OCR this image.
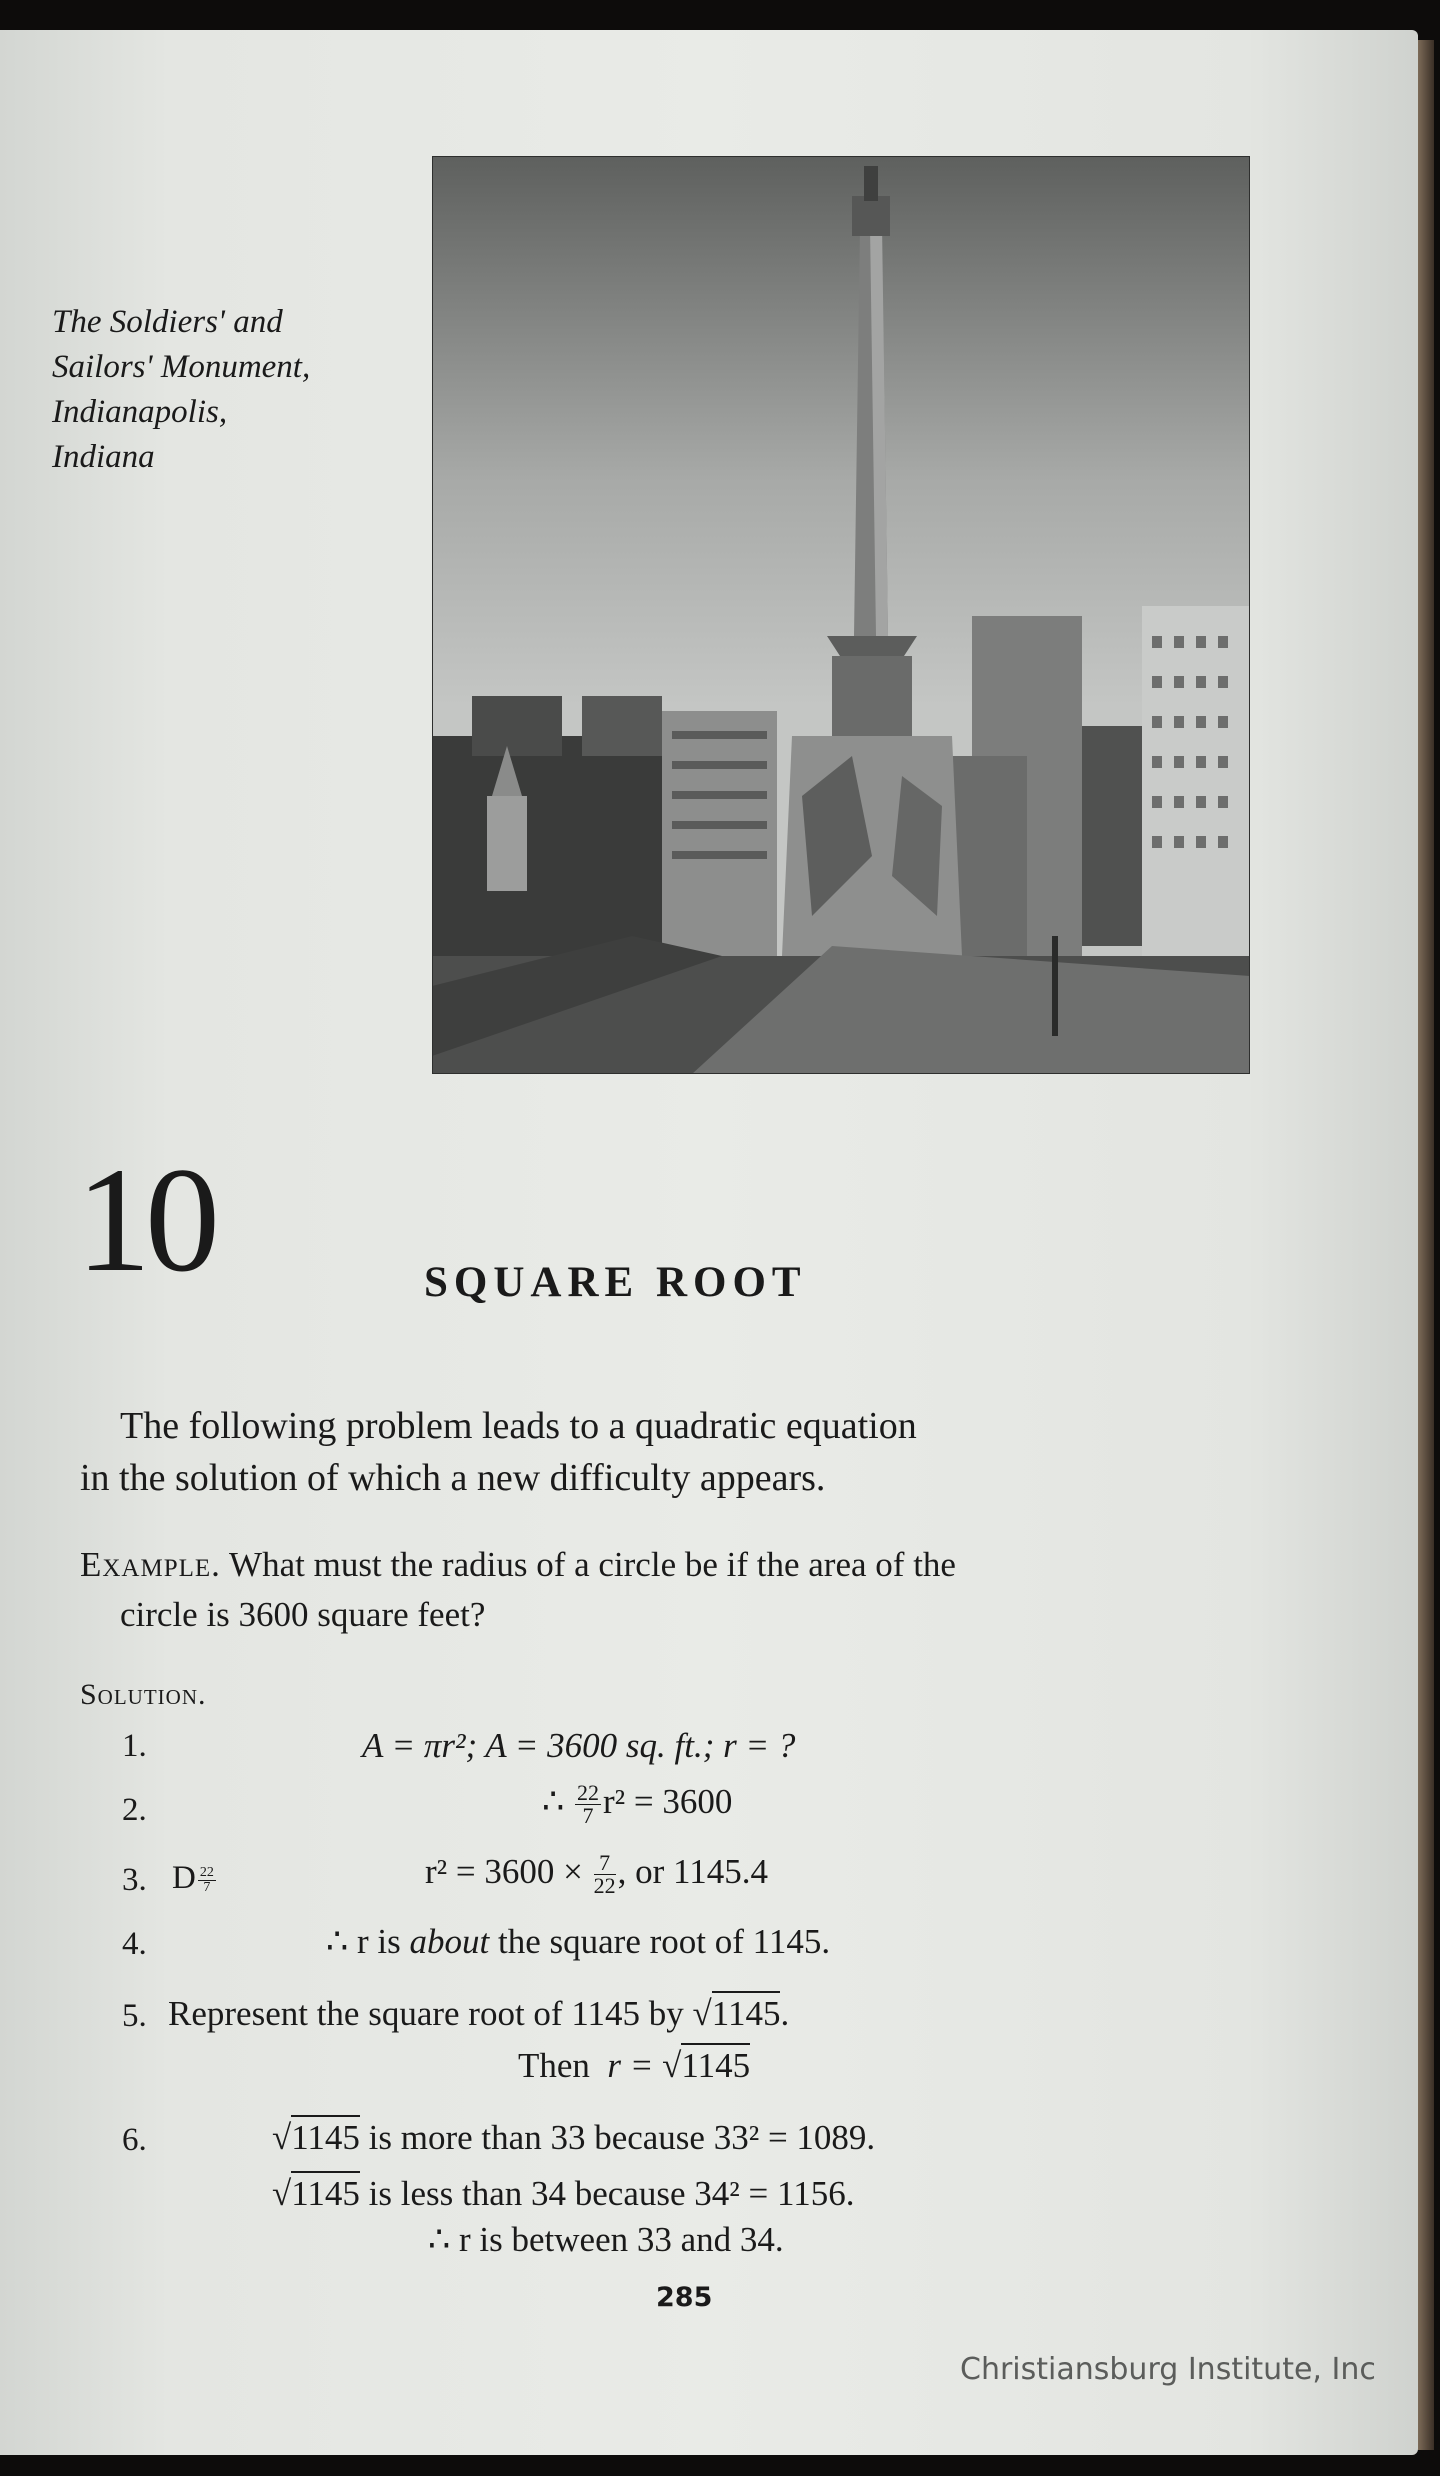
The Soldiers' and
Sailors' Monument,
Indianapolis,
Indiana
10	SQUARE ROOT
The following problem leads to a quadratic equation
in the solution of which a new difficulty appears.
Example. What must the radius of a circle be if the area of the
circle is 3600 square feet?
Solution.
1.	A = πr²; A = 3600 sq. ft.; r = ?
2.	∴ $\frac{22}{7} r^2 = 3600$
3. D $\frac{22}{7}$	$r^2 = 3600 \times \frac{7}{22}$ , or 1145.4
4.	∴ r is about the square root of 1145.
5. Represent the square root of 1145 by √1145.
Then r = √1145
6.	√1145 is more than 33 because 33² = 1089.
√1145 is less than 34 because 34² = 1156.
∴ r is between 33 and 34.
285
Christiansburg Institute, Inc
